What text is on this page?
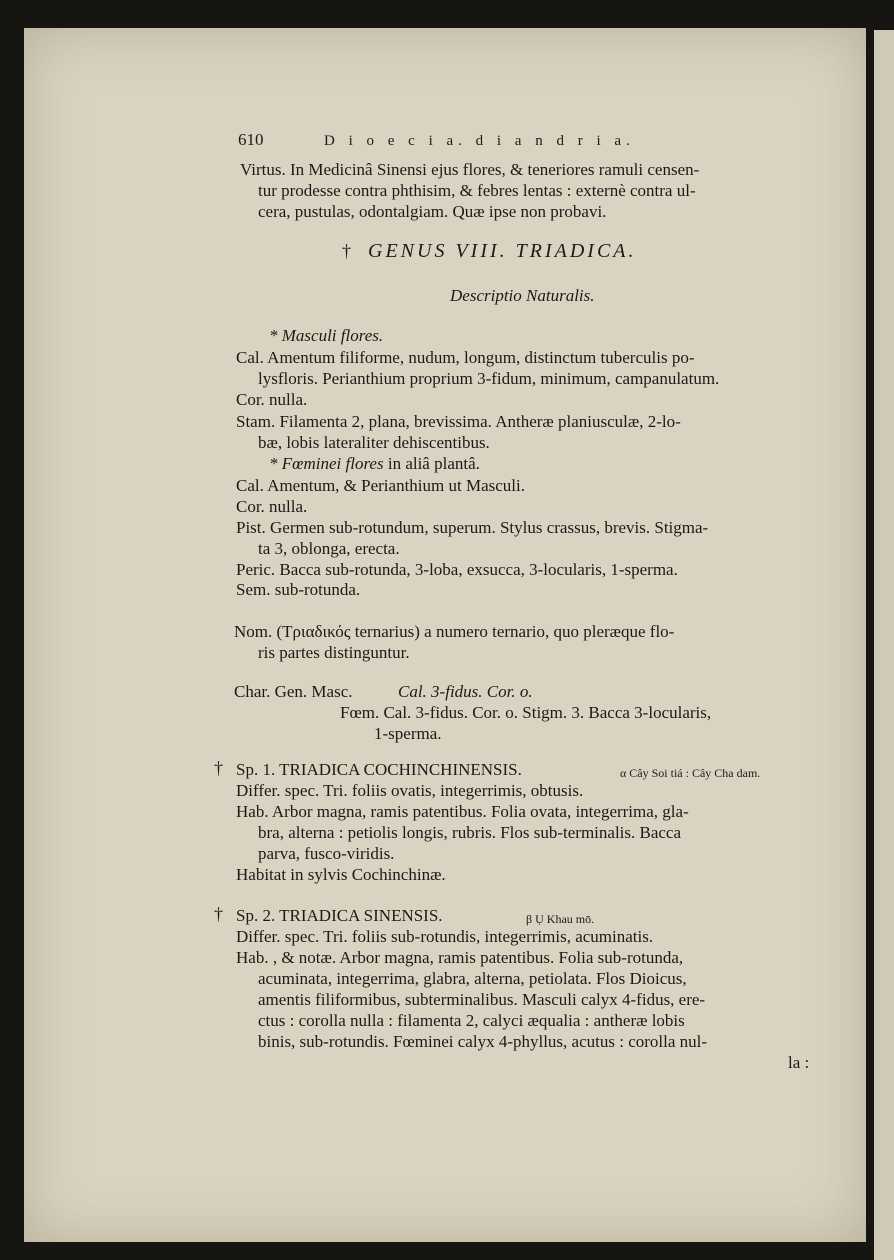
610	D i o e c i a. d i a n d r i a.
Virtus. In Medicinâ Sinensi ejus flores, & teneriores ramuli censen-
tur prodesse contra phthisim, & febres lentas : externè contra ul-
cera, pustulas, odontalgiam. Quæ ipse non probavi.
† GENUS VIII. TRIADICA.
Descriptio Naturalis.
* Masculi flores.
Cal. Amentum filiforme, nudum, longum, distinctum tuberculis po-
lysfloris. Perianthium proprium 3-fidum, minimum, campanulatum.
Cor. nulla.
Stam. Filamenta 2, plana, brevissima. Antheræ planiusculæ, 2-lo-
bæ, lobis lateraliter dehiscentibus.
* Fœminei flores in aliâ plantâ.
Cal. Amentum, & Perianthium ut Masculi.
Cor. nulla.
Pist. Germen sub-rotundum, superum. Stylus crassus, brevis. Stigma-
ta 3, oblonga, erecta.
Peric. Bacca sub-rotunda, 3-loba, exsucca, 3-locularis, 1-sperma.
Sem. sub-rotunda.
Nom. (Τριαδικός ternarius) a numero ternario, quo pleræque flo-
ris partes distinguntur.
Char. Gen. Masc.	Cal. 3-fidus. Cor. o.
Fœm. Cal. 3-fidus. Cor. o. Stigm. 3. Bacca 3-locularis,
1-sperma.
† Sp. 1. TRIADICA COCHINCHINENSIS.	α Cây Soi tiá : Cây Cha dam.
Differ. spec. Tri. foliis ovatis, integerrimis, obtusis.
Hab. Arbor magna, ramis patentibus. Folia ovata, integerrima, gla-
bra, alterna : petiolis longis, rubris. Flos sub-terminalis. Bacca
parva, fusco-viridis.
Habitat in sylvis Cochinchinæ.
† Sp. 2. TRIADICA SINENSIS.	β Ụ Khau mō.
Differ. spec. Tri. foliis sub-rotundis, integerrimis, acuminatis.
Hab. , & notæ. Arbor magna, ramis patentibus. Folia sub-rotunda,
acuminata, integerrima, glabra, alterna, petiolata. Flos Dioicus,
amentis filiformibus, subterminalibus. Masculi calyx 4-fidus, ere-
ctus : corolla nulla : filamenta 2, calyci æqualia : antheræ lobis
binis, sub-rotundis. Fœminei calyx 4-phyllus, acutus : corolla nul-
la :
